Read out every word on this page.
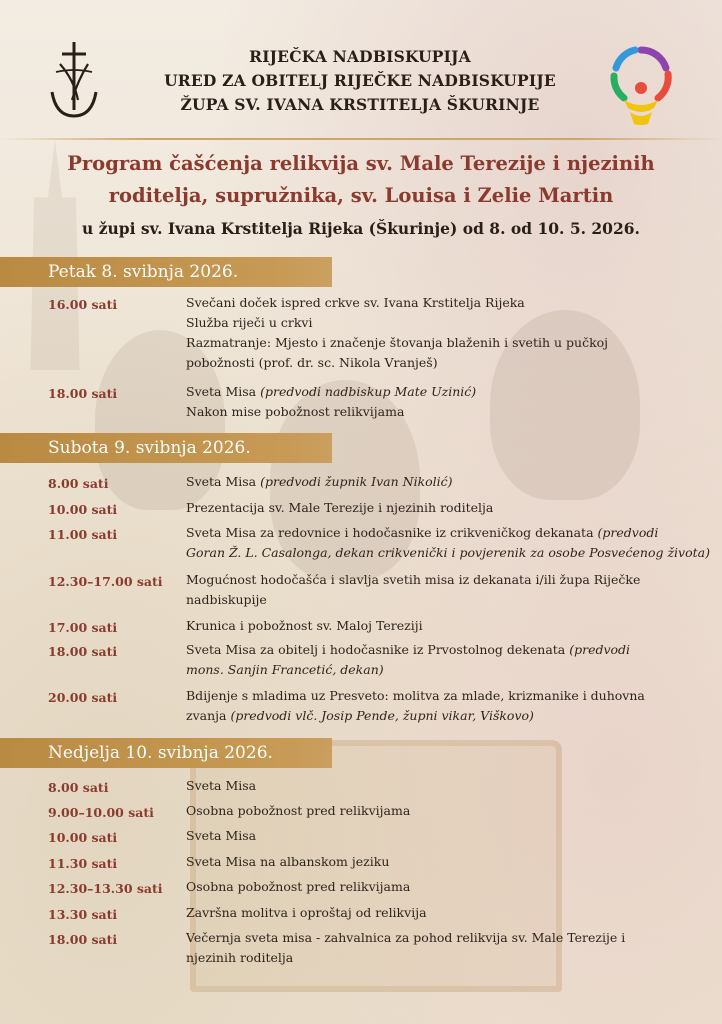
RIJEČKA NADBISKUPIJA
URED ZA OBITELJ RIJEČKE NADBISKUPIJE
ŽUPA SV. IVANA KRSTITELJA ŠKURINJE
Program čašćenja relikvija sv. Male Terezije i njezinih
roditelja, supružnika, sv. Louisa i Zelie Martin
u župi sv. Ivana Krstitelja Rijeka (Škurinje) od 8. od 10. 5. 2026.
Petak 8. svibnja 2026.
16.00 sati	Svečani doček ispred crkve sv. Ivana Krstitelja Rijeka
Služba riječi u crkvi
Razmatranje: Mjesto i značenje štovanja blaženih i svetih u pučkoj
pobožnosti (prof. dr. sc. Nikola Vranješ)
18.00 sati	Sveta Misa (predvodi nadbiskup Mate Uzinić)
Nakon mise pobožnost relikvijama
Subota 9. svibnja 2026.
8.00 sati	Sveta Misa (predvodi župnik Ivan Nikolić)
10.00 sati	Prezentacija sv. Male Terezije i njezinih roditelja
11.00 sati	Sveta Misa za redovnice i hodočasnike iz crikveničkog dekanata (predvodi
Goran Ž. L. Casalonga, dekan crikvenički i povjerenik za osobe Posvećenog života)
12.30–17.00 sati Mogućnost hodočašća i slavlja svetih misa iz dekanata i/ili župa Riječke
nadbiskupije
17.00 sati	Krunica i pobožnost sv. Maloj Tereziji
18.00 sati	Sveta Misa za obitelj i hodočasnike iz Prvostolnog dekenata (predvodi
mons. Sanjin Francetić, dekan)
20.00 sati	Bdijenje s mladima uz Presveto: molitva za mlade, krizmanike i duhovna
zvanja (predvodi vlč. Josip Pende, župni vikar, Viškovo)
Nedjelja 10. svibnja 2026.
8.00 sati	Sveta Misa
9.00–10.00 sati	Osobna pobožnost pred relikvijama
10.00 sati	Sveta Misa
11.30 sati	Sveta Misa na albanskom jeziku
12.30–13.30 sati Osobna pobožnost pred relikvijama
13.30 sati	Završna molitva i oproštaj od relikvija
18.00 sati	Večernja sveta misa - zahvalnica za pohod relikvija sv. Male Terezije i
njezinih roditelja
